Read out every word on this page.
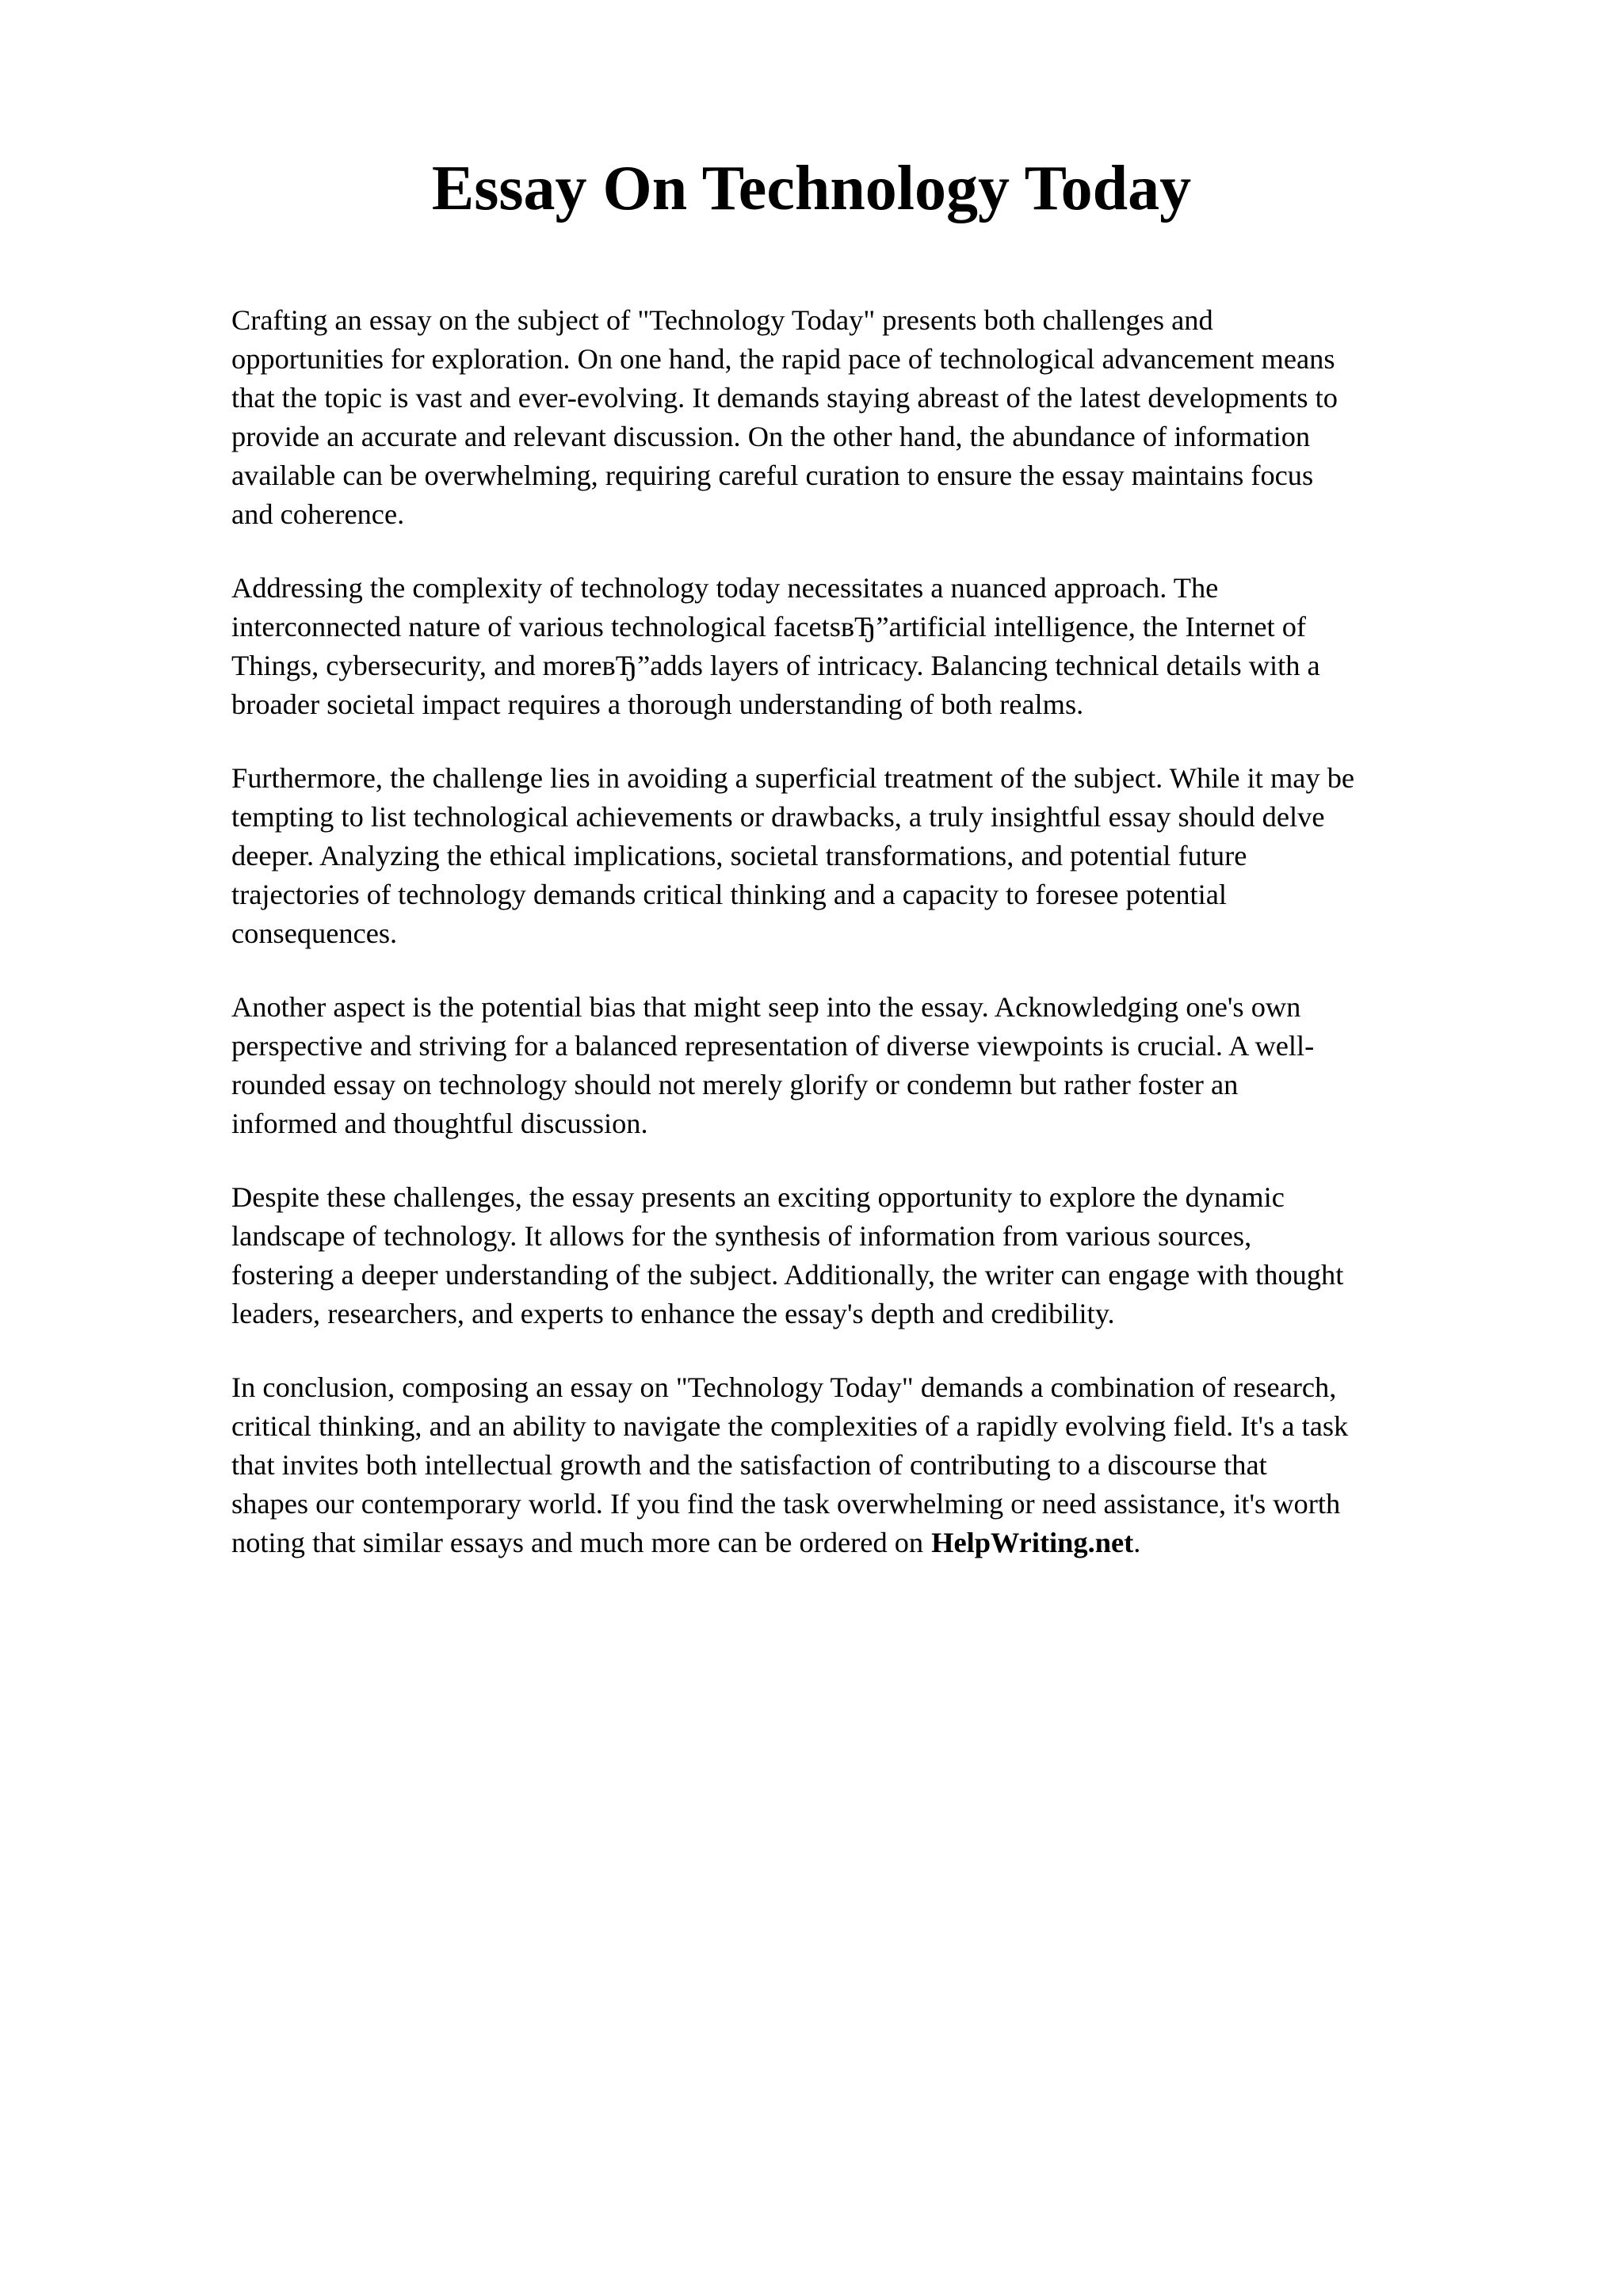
Essay On Technology Today

Crafting an essay on the subject of "Technology Today" presents both challenges and
opportunities for exploration. On one hand, the rapid pace of technological advancement means
that the topic is vast and ever-evolving. It demands staying abreast of the latest developments to
provide an accurate and relevant discussion. On the other hand, the abundance of information
available can be overwhelming, requiring careful curation to ensure the essay maintains focus
and coherence.

Addressing the complexity of technology today necessitates a nuanced approach. The
interconnected nature of various technological facetsвЂ”artificial intelligence, the Internet of
Things, cybersecurity, and moreвЂ”adds layers of intricacy. Balancing technical details with a
broader societal impact requires a thorough understanding of both realms.

Furthermore, the challenge lies in avoiding a superficial treatment of the subject. While it may be
tempting to list technological achievements or drawbacks, a truly insightful essay should delve
deeper. Analyzing the ethical implications, societal transformations, and potential future
trajectories of technology demands critical thinking and a capacity to foresee potential
consequences.

Another aspect is the potential bias that might seep into the essay. Acknowledging one's own
perspective and striving for a balanced representation of diverse viewpoints is crucial. A well-
rounded essay on technology should not merely glorify or condemn but rather foster an
informed and thoughtful discussion.

Despite these challenges, the essay presents an exciting opportunity to explore the dynamic
landscape of technology. It allows for the synthesis of information from various sources,
fostering a deeper understanding of the subject. Additionally, the writer can engage with thought
leaders, researchers, and experts to enhance the essay's depth and credibility.

In conclusion, composing an essay on "Technology Today" demands a combination of research,
critical thinking, and an ability to navigate the complexities of a rapidly evolving field. It's a task
that invites both intellectual growth and the satisfaction of contributing to a discourse that
shapes our contemporary world. If you find the task overwhelming or need assistance, it's worth
noting that similar essays and much more can be ordered on HelpWriting.net.
